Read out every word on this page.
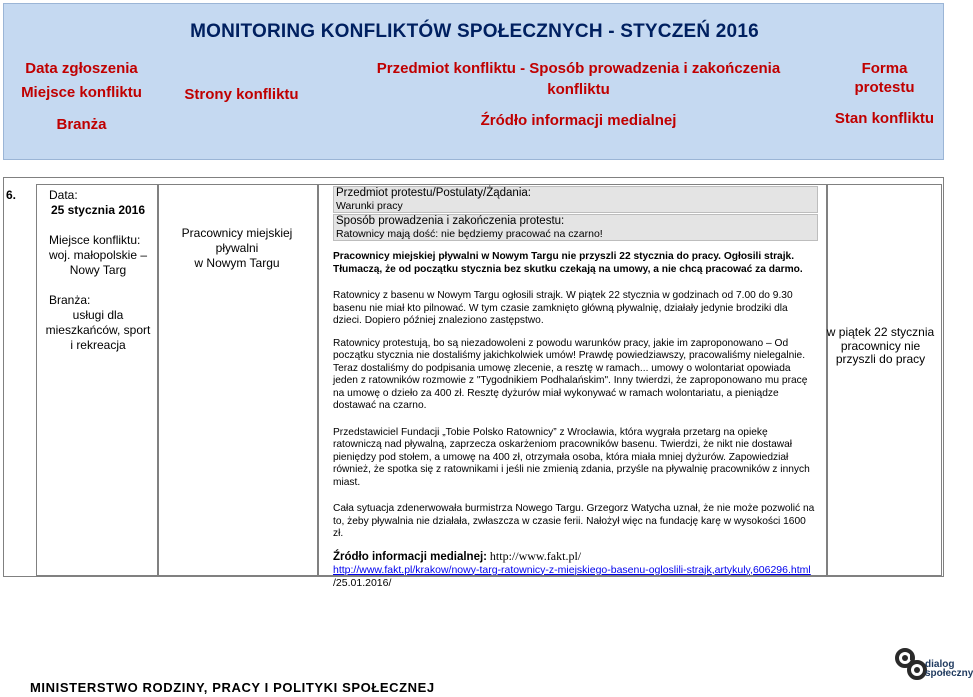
MONITORING KONFLIKTÓW SPOŁECZNYCH - STYCZEŃ 2016
Data zgłoszenia
Miejsce konfliktu
Branża
Strony konfliktu
Przedmiot konfliktu - Sposób prowadzenia i zakończenia
konfliktu
Źródło informacji medialnej
Forma
protestu
Stan konfliktu
6.	Data:
25 stycznia 2016
Miejsce konfliktu:
woj. małopolskie –
Nowy Targ
Branża:
usługi dla
mieszkańców, sport
i rekreacja
Pracownicy miejskiej pływalni
w Nowym Targu
Przedmiot protestu/Postulaty/Żądania:
Warunki pracy
Sposób prowadzenia i zakończenia protestu:
Ratownicy mają dość: nie będziemy pracować na czarno!
Pracownicy miejskiej pływalni w Nowym Targu nie przyszli 22 stycznia do pracy. Ogłosili strajk. Tłumaczą, że od początku stycznia bez skutku czekają na umowy, a nie chcą pracować za darmo.
Ratownicy z basenu w Nowym Targu ogłosili strajk. W piątek 22 stycznia w godzinach od 7.00 do 9.30 basenu nie miał kto pilnować. W tym czasie zamknięto główną pływalnię, działały jedynie brodziki dla dzieci. Dopiero później znaleziono zastępstwo.
Ratownicy protestują, bo są niezadowoleni z powodu warunków pracy, jakie im zaproponowano – Od początku stycznia nie dostaliśmy jakichkolwiek umów! Prawdę powiedziawszy, pracowaliśmy nielegalnie. Teraz dostaliśmy do podpisania umowę zlecenie, a resztę w ramach... umowy o wolontariat opowiada jeden z ratowników rozmowie z "Tygodnikiem Podhalańskim". Inny twierdzi, że zaproponowano mu pracę na umowę o dzieło za 400 zł. Resztę dyżurów miał wykonywać w ramach wolontariatu, a pieniądze dostawać na czarno.
Przedstawiciel Fundacji „Tobie Polsko Ratownicy” z Wrocławia, która wygrała przetarg na opiekę ratowniczą nad pływalną, zaprzecza oskarżeniom pracowników basenu. Twierdzi, że nikt nie dostawał pieniędzy pod stołem, a umowę na 400 zł, otrzymała osoba, która miała mniej dyżurów. Zapowiedział również, że spotka się z ratownikami i jeśli nie zmienią zdania, przyśle na pływalnię pracowników z innych miast.
Cała sytuacja zdenerwowała burmistrza Nowego Targu. Grzegorz Watycha uznał, że nie może pozwolić na to, żeby pływalnia nie działała, zwłaszcza w czasie ferii. Nałożył więc na fundację karę w wysokości 1600 zł.
Źródło informacji medialnej: http://www.fakt.pl/
http://www.fakt.pl/krakow/nowy-targ-ratownicy-z-miejskiego-basenu-ogloslili-strajk,artykuly,606296.html
/25.01.2016/
w piątek 22 stycznia
pracownicy nie
przyszli do pracy
MINISTERSTWO RODZINY, PRACY I POLITYKI SPOŁECZNEJ
dialog
społeczny
